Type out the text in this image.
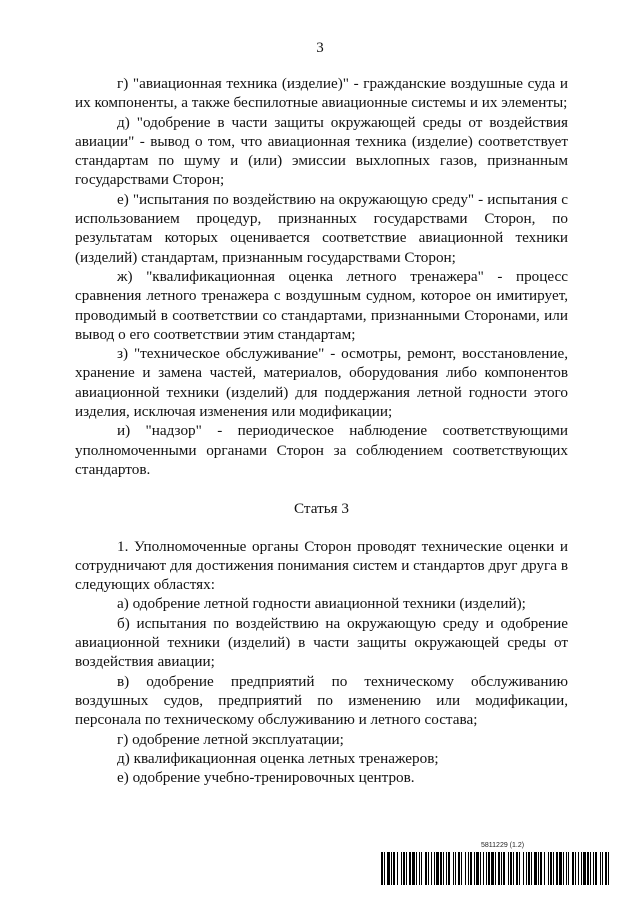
3

г) "авиационная техника (изделие)" - гражданские воздушные суда и их компоненты, а также беспилотные авиационные системы и их элементы;

д) "одобрение в части защиты окружающей среды от воздействия авиации" - вывод о том, что авиационная техника (изделие) соответствует стандартам по шуму и (или) эмиссии выхлопных газов, признанным государствами Сторон;

е) "испытания по воздействию на окружающую среду" - испытания с использованием процедур, признанных государствами Сторон, по результатам которых оценивается соответствие авиационной техники (изделий) стандартам, признанным государствами Сторон;

ж) "квалификационная оценка летного тренажера" - процесс сравнения летного тренажера с воздушным судном, которое он имитирует, проводимый в соответствии со стандартами, признанными Сторонами, или вывод о его соответствии этим стандартам;

з) "техническое обслуживание" - осмотры, ремонт, восстановление, хранение и замена частей, материалов, оборудования либо компонентов авиационной техники (изделий) для поддержания летной годности этого изделия, исключая изменения или модификации;

и) "надзор" - периодическое наблюдение соответствующими уполномоченными органами Сторон за соблюдением соответствующих стандартов.

Статья 3

1. Уполномоченные органы Сторон проводят технические оценки и сотрудничают для достижения понимания систем и стандартов друг друга в следующих областях:

а) одобрение летной годности авиационной техники (изделий);

б) испытания по воздействию на окружающую среду и одобрение авиационной техники (изделий) в части защиты окружающей среды от воздействия авиации;

в) одобрение предприятий по техническому обслуживанию воздушных судов, предприятий по изменению или модификации, персонала по техническому обслуживанию и летного состава;

г) одобрение летной эксплуатации;

д) квалификационная оценка летных тренажеров;

е) одобрение учебно-тренировочных центров.

5811229 (1.2)
